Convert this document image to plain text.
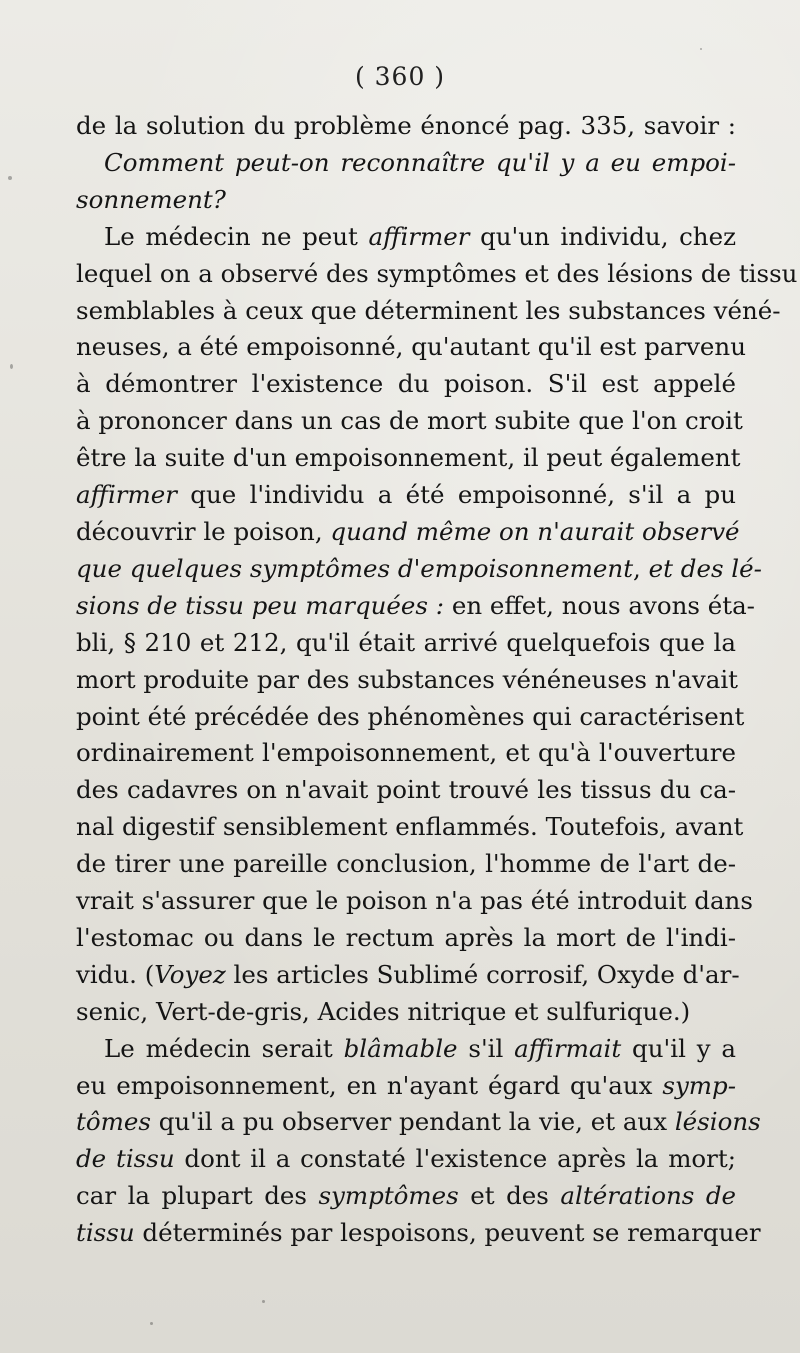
( 360 )

de la solution du problème énoncé pag. 335, savoir :
Comment peut-on reconnaître qu'il y a eu empoi-
sonnement?

Le médecin ne peut affirmer qu'un individu, chez
lequel on a observé des symptômes et des lésions de tissu
semblables à ceux que déterminent les substances véné-
neuses, a été empoisonné, qu'autant qu'il est parvenu
à démontrer l'existence du poison. S'il est appelé
à prononcer dans un cas de mort subite que l'on croit
être la suite d'un empoisonnement, il peut également
affirmer que l'individu a été empoisonné, s'il a pu
découvrir le poison, quand même on n'aurait observé
que quelques symptômes d'empoisonnement, et des lé-
sions de tissu peu marquées : en effet, nous avons éta-
bli, § 210 et 212, qu'il était arrivé quelquefois que la
mort produite par des substances vénéneuses n'avait
point été précédée des phénomènes qui caractérisent
ordinairement l'empoisonnement, et qu'à l'ouverture
des cadavres on n'avait point trouvé les tissus du ca-
nal digestif sensiblement enflammés. Toutefois, avant
de tirer une pareille conclusion, l'homme de l'art de-
vrait s'assurer que le poison n'a pas été introduit dans
l'estomac ou dans le rectum après la mort de l'indi-
vidu. (Voyez les articles Sublimé corrosif, Oxyde d'ar-
senic, Vert-de-gris, Acides nitrique et sulfurique.)

Le médecin serait blâmable s'il affirmait qu'il y a
eu empoisonnement, en n'ayant égard qu'aux symp-
tômes qu'il a pu observer pendant la vie, et aux lésions
de tissu dont il a constaté l'existence après la mort;
car la plupart des symptômes et des altérations de
tissu déterminés par lespoisons, peuvent se remarquer
